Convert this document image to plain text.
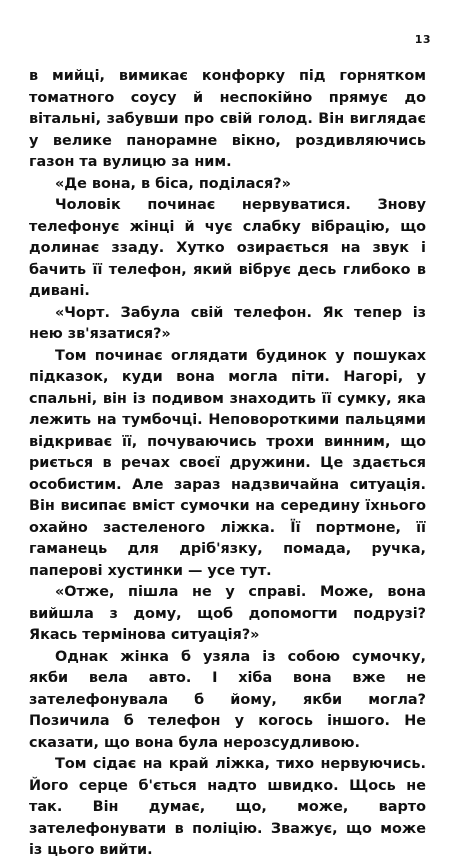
13

в мийці, вимикає конфорку під горнятком томатного соусу й неспокійно прямує до вітальні, забувши про свій голод. Він виглядає у велике панорамне вікно, роздивляючись газон та вулицю за ним.

«Де вона, в біса, поділася?»

Чоловік починає нервуватися. Знову телефонує жінці й чує слабку вібрацію, що долинає ззаду. Хутко озирається на звук і бачить її телефон, який вібрує десь глибоко в дивані.

«Чорт. Забула свій телефон. Як тепер із нею зв'язатися?»

Том починає оглядати будинок у пошуках підказок, куди вона могла піти. Нагорі, у спальні, він із подивом знаходить її сумку, яка лежить на тумбочці. Неповороткими пальцями відкриває її, почуваючись трохи винним, що риється в речах своєї дружини. Це здається особистим. Але зараз надзвичайна ситуація. Він висипає вміст сумочки на середину їхнього охайно застеленого ліжка. Її портмоне, її гаманець для дріб'язку, помада, ручка, паперові хустинки — усе тут.

«Отже, пішла не у справі. Може, вона вийшла з дому, щоб допомогти подрузі? Якась термінова ситуація?»

Однак жінка б узяла із собою сумочку, якби вела авто. І хіба вона вже не зателефонувала б йому, якби могла? Позичила б телефон у когось іншого. Не сказати, що вона була нерозсудливою.

Том сідає на край ліжка, тихо нервуючись. Його серце б'ється надто швидко. Щось не так. Він думає, що, може, варто зателефонувати в поліцію. Зважує, що може із цього вийти.
